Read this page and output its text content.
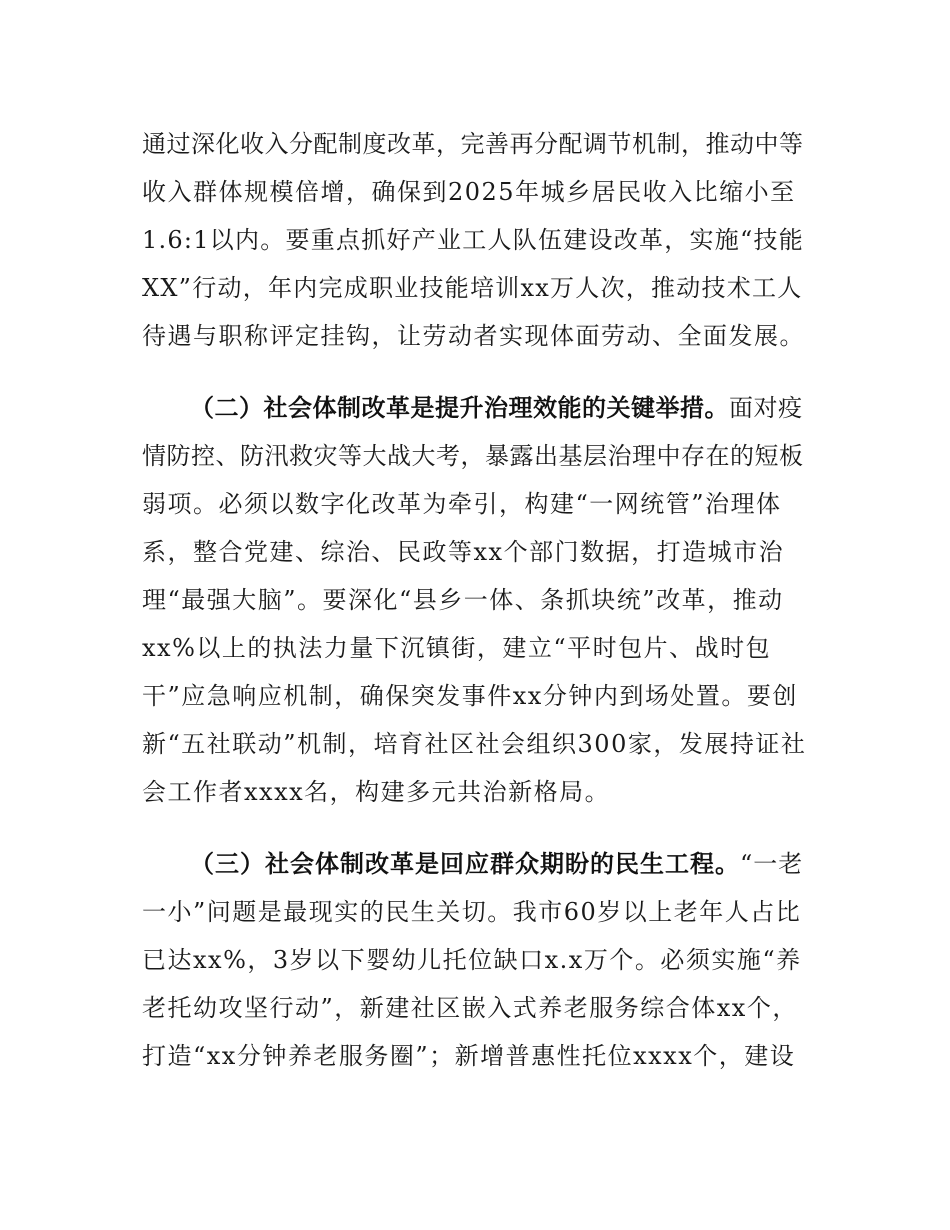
通过深化收入分配制度改革，完善再分配调节机制，推动中等
收入群体规模倍增，确保到2025年城乡居民收入比缩小至
1.6:1以内。要重点抓好产业工人队伍建设改革，实施“技能
XX”行动，年内完成职业技能培训xx万人次，推动技术工人
待遇与职称评定挂钩，让劳动者实现体面劳动、全面发展。
（二）社会体制改革是提升治理效能的关键举措。面对疫
情防控、防汛救灾等大战大考，暴露出基层治理中存在的短板
弱项。必须以数字化改革为牵引，构建“一网统管”治理体
系，整合党建、综治、民政等xx个部门数据，打造城市治
理“最强大脑”。要深化“县乡一体、条抓块统”改革，推动
xx%以上的执法力量下沉镇街，建立“平时包片、战时包
干”应急响应机制，确保突发事件xx分钟内到场处置。要创
新“五社联动”机制，培育社区社会组织300家，发展持证社
会工作者xxxx名，构建多元共治新格局。
（三）社会体制改革是回应群众期盼的民生工程。“一老
一小”问题是最现实的民生关切。我市60岁以上老年人占比
已达xx%，3岁以下婴幼儿托位缺口x.x万个。必须实施“养
老托幼攻坚行动”，新建社区嵌入式养老服务综合体xx个，
打造“xx分钟养老服务圈”；新增普惠性托位xxxx个，建设
